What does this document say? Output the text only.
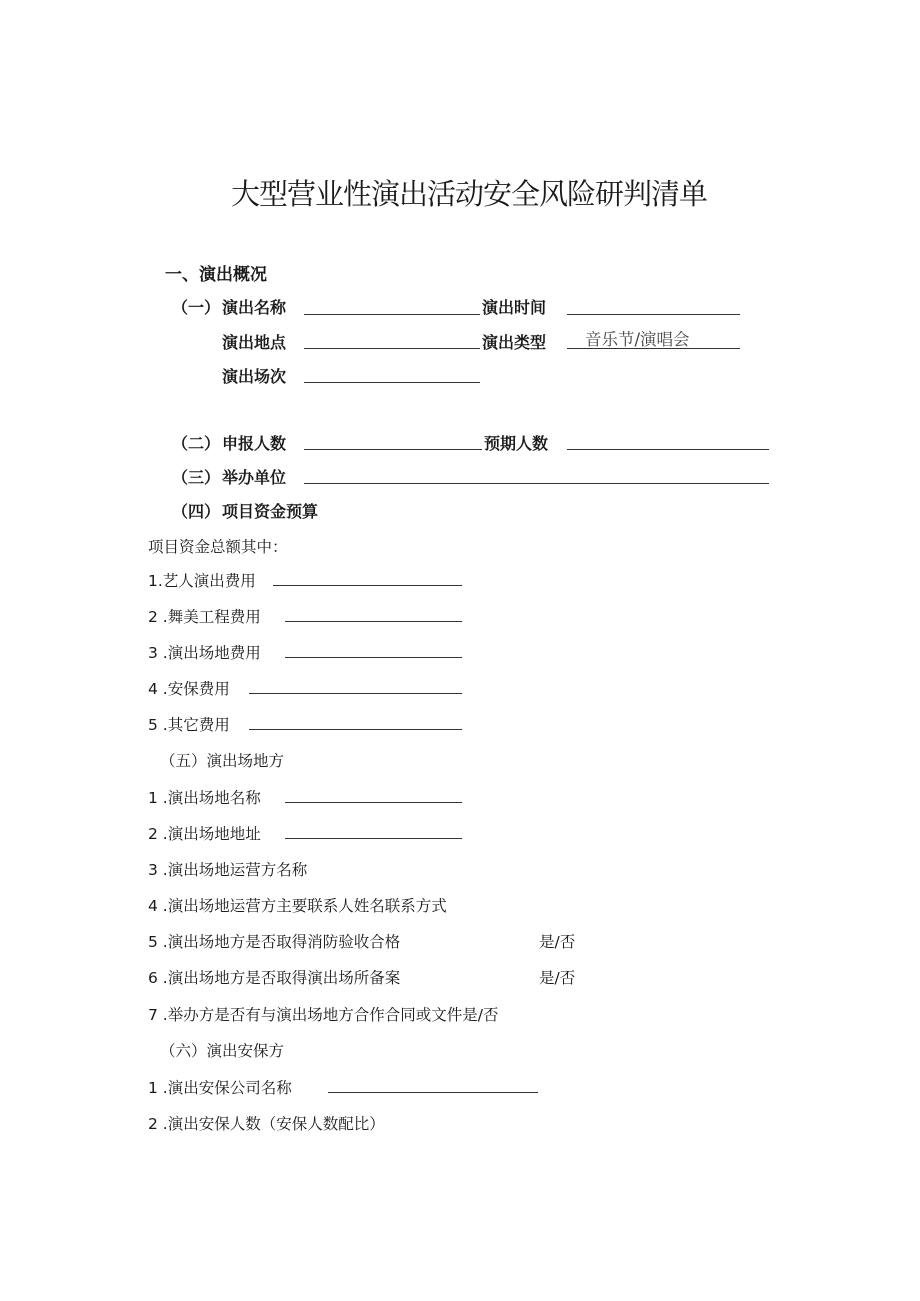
大型营业性演出活动安全风险研判清单
一、演出概况
（一） 演出名称	演出时间
演出地点	演出类型 音乐节/演唱会
演出场次
（二） 申报人数	预期人数
（三） 举办单位
（四） 项目资金预算
项目资金总额其中：
1.艺人演出费用
2 .舞美工程费用
3 .演出场地费用
4 .安保费用
5 .其它费用
（五）演出场地方
1 .演出场地名称
2 .演出场地地址
3 .演出场地运营方名称
4 .演出场地运营方主要联系人姓名联系方式
5 .演出场地方是否取得消防验收合格	是/否
6 .演出场地方是否取得演出场所备案	是/否
7 .举办方是否有与演出场地方合作合同或文件是/否
（六）演出安保方
1 .演出安保公司名称
2 .演出安保人数（安保人数配比）
